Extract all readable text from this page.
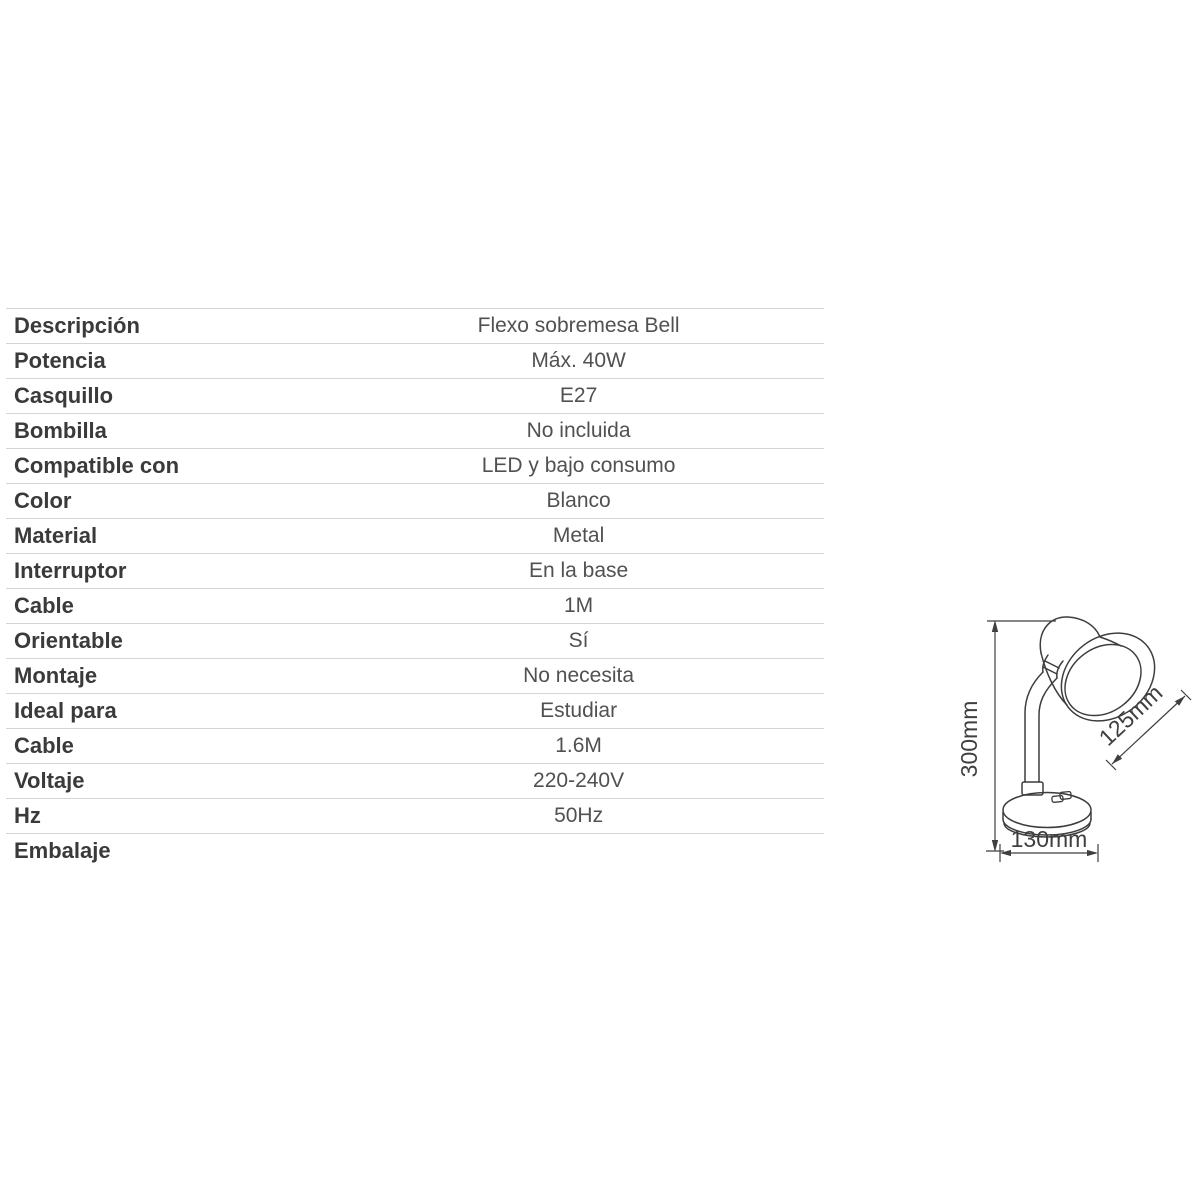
Descripción	Flexo sobremesa Bell
Potencia	Máx. 40W
Casquillo	E27
Bombilla	No incluida
Compatible con	LED y bajo consumo
Color	Blanco
Material	Metal
Interruptor	En la base
Cable	1M
Orientable	Sí
Montaje	No necesita
Ideal para	Estudiar
Cable	1.6M
Voltaje	220-240V
Hz	50Hz
Embalaje
300mm
130mm
125mm
